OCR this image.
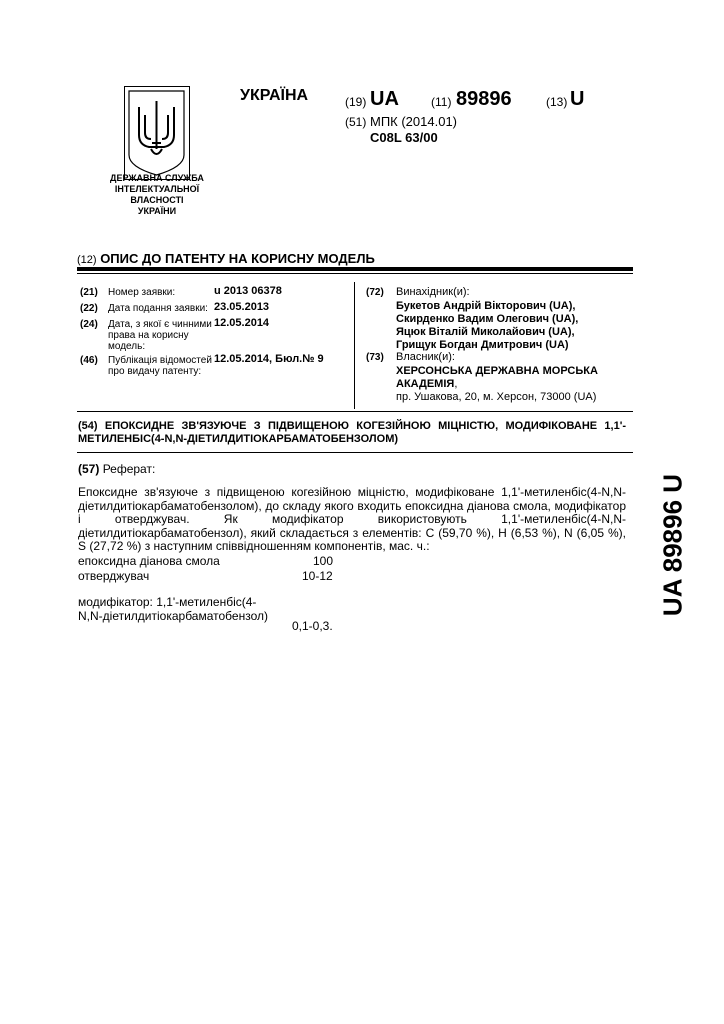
ДЕРЖАВНА СЛУЖБА
ІНТЕЛЕКТУАЛЬНОЇ
ВЛАСНОСТІ
УКРАЇНИ
УКРАЇНА	(19) UA	(11) 89896	(13) U
(51) МПК (2014.01)
C08L 63/00
(12) ОПИС ДО ПАТЕНТУ НА КОРИСНУ МОДЕЛЬ
(21) Номер заявки:	u 2013 06378
(22) Дата подання заявки: 23.05.2013
(24) Дата, з якої є чинними
права на корисну
модель:
12.05.2014
(46) Публікація відомостей
про видачу патенту:
12.05.2014, Бюл.№ 9
(72) Винахідник(и):
Букетов Андрій Вікторович (UA),
Скирденко Вадим Олегович (UA),
Яцюк Віталій Миколайович (UA),
Грищук Богдан Дмитрович (UA)
(73) Власник(и):
ХЕРСОНСЬКА ДЕРЖАВНА МОРСЬКА
АКАДЕМІЯ,
пр. Ушакова, 20, м. Херсон, 73000 (UA)
(54) ЕПОКСИДНЕ ЗВ'ЯЗУЮЧЕ З ПІДВИЩЕНОЮ КОГЕЗІЙНОЮ МІЦНІСТЮ, МОДИФІКОВАНЕ 1,1'-
МЕТИЛЕНБІС(4-N,N-ДІЕТИЛДИТІОКАРБАМАТОБЕНЗОЛОМ)
(57) Реферат:
Епоксидне зв'язуюче з підвищеною когезійною міцністю, модифіковане 1,1'-метиленбіс(4-N,N-діетилдитіокарбаматобензолом), до складу якого входить епоксидна діанова смола, модифікатор і отверджувач. Як модифікатор використовують 1,1'-метиленбіс(4-N,N-діетилдитіокарбаматобензол), який складається з елементів: С (59,70 %), Н (6,53 %), N (6,05 %), S (27,72 %) з наступним співвідношенням компонентів, мас. ч.:
епоксидна діанова смола	100
отверджувач	10-12
модифікатор: 1,1'-метиленбіс(4-
N,N-діетилдитіокарбаматобензол)
0,1-0,3.
UA 89896 U
